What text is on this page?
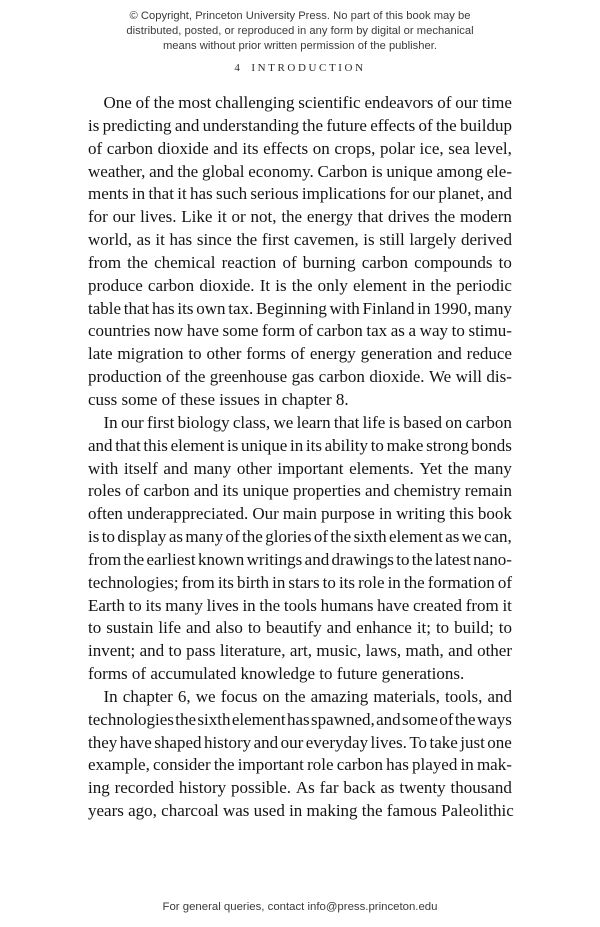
© Copyright, Princeton University Press. No part of this book may be
distributed, posted, or reproduced in any form by digital or mechanical
means without prior written permission of the publisher.
4 INTRODUCTION
One of the most challenging scientific endeavors of our time
is predicting and understanding the future effects of the buildup
of carbon dioxide and its effects on crops, polar ice, sea level,
weather, and the global economy. Carbon is unique among ele-
ments in that it has such serious implications for our planet, and
for our lives. Like it or not, the energy that drives the modern
world, as it has since the first cavemen, is still largely derived
from the chemical reaction of burning carbon compounds to
produce carbon dioxide. It is the only element in the periodic
table that has its own tax. Beginning with Finland in 1990, many
countries now have some form of carbon tax as a way to stimu-
late migration to other forms of energy generation and reduce
production of the greenhouse gas carbon dioxide. We will dis-
cuss some of these issues in chapter 8.
In our first biology class, we learn that life is based on carbon
and that this element is unique in its ability to make strong bonds
with itself and many other important elements. Yet the many
roles of carbon and its unique properties and chemistry remain
often underappreciated. Our main purpose in writing this book
is to display as many of the glories of the sixth element as we can,
from the earliest known writings and drawings to the latest nano-
technologies; from its birth in stars to its role in the formation of
Earth to its many lives in the tools humans have created from it
to sustain life and also to beautify and enhance it; to build; to
invent; and to pass literature, art, music, laws, math, and other
forms of accumulated knowledge to future generations.
In chapter 6, we focus on the amazing materials, tools, and
technologies the sixth element has spawned, and some of the ways
they have shaped history and our everyday lives. To take just one
example, consider the important role carbon has played in mak-
ing recorded history possible. As far back as twenty thousand
years ago, charcoal was used in making the famous Paleolithic
For general queries, contact info@press.princeton.edu
